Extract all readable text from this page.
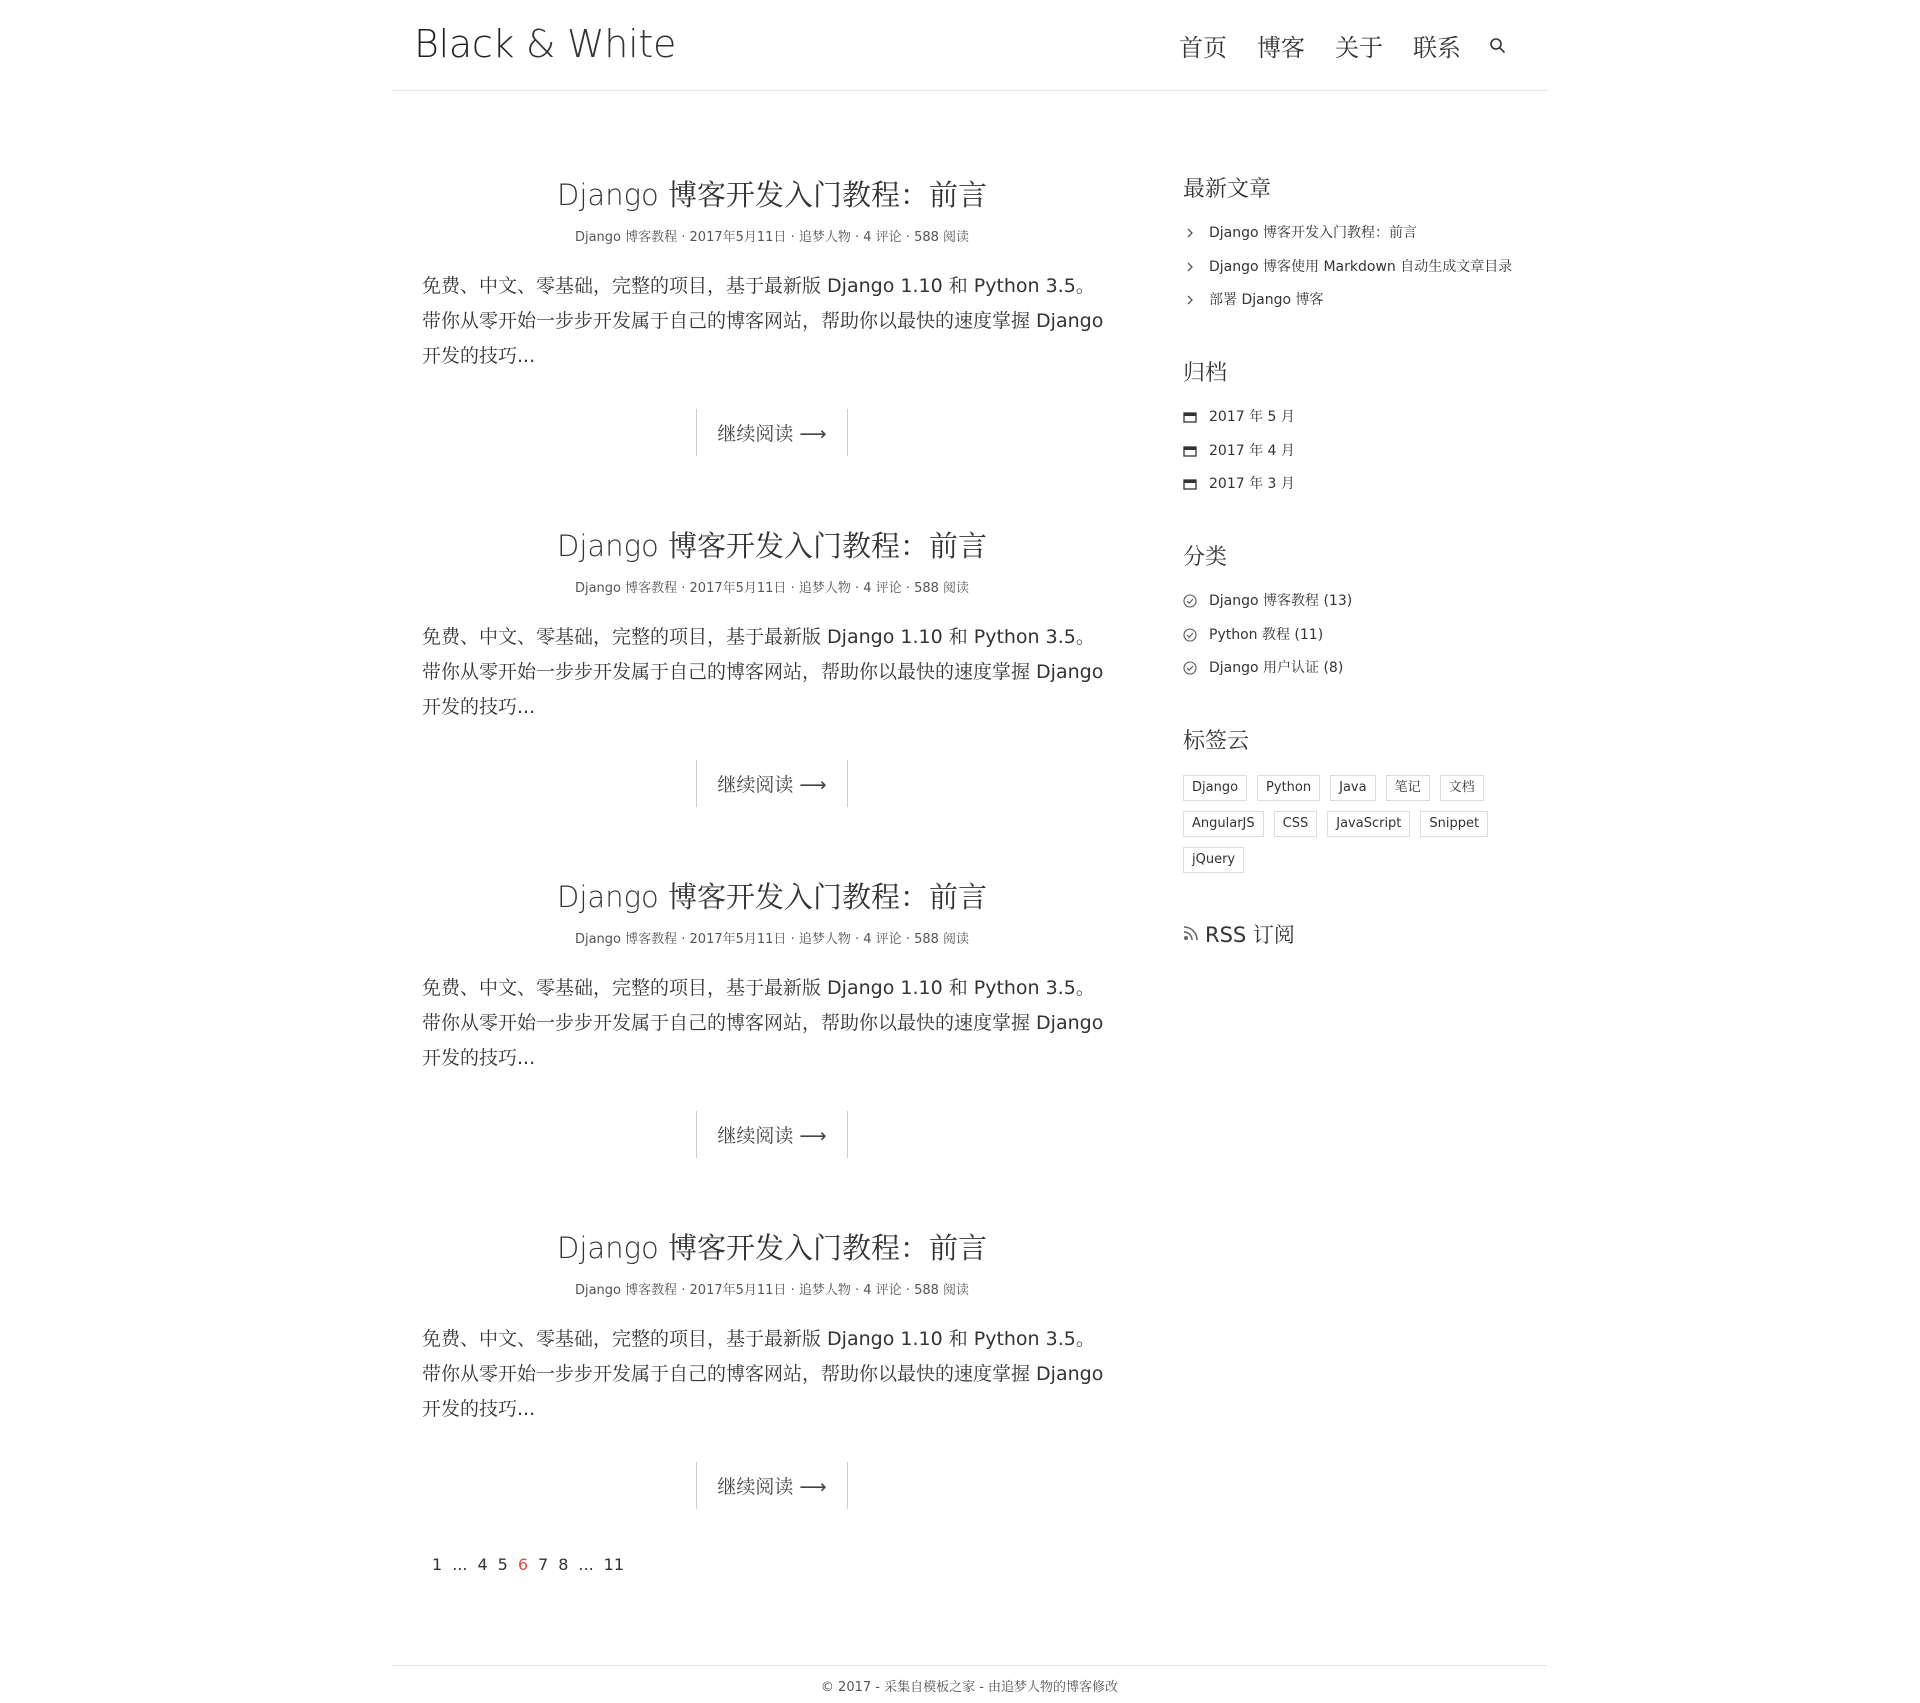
Black & White	首页 博客 关于 联系
Django 博客开发入门教程：前言
Django 博客教程 · 2017年5月11日 · 追梦人物 · 4 评论 · 588 阅读
免费、中文、零基础，完整的项目，基于最新版 Django 1.10 和 Python 3.5。带你从零开始一步步开发属于自己的博客网站，帮助你以最快的速度掌握 Django 开发的技巧...
继续阅读 ⟶
Django 博客开发入门教程：前言
Django 博客教程 · 2017年5月11日 · 追梦人物 · 4 评论 · 588 阅读
免费、中文、零基础，完整的项目，基于最新版 Django 1.10 和 Python 3.5。带你从零开始一步步开发属于自己的博客网站，帮助你以最快的速度掌握 Django 开发的技巧...
继续阅读 ⟶
Django 博客开发入门教程：前言
Django 博客教程 · 2017年5月11日 · 追梦人物 · 4 评论 · 588 阅读
免费、中文、零基础，完整的项目，基于最新版 Django 1.10 和 Python 3.5。带你从零开始一步步开发属于自己的博客网站，帮助你以最快的速度掌握 Django 开发的技巧...
继续阅读 ⟶
Django 博客开发入门教程：前言
Django 博客教程 · 2017年5月11日 · 追梦人物 · 4 评论 · 588 阅读
免费、中文、零基础，完整的项目，基于最新版 Django 1.10 和 Python 3.5。带你从零开始一步步开发属于自己的博客网站，帮助你以最快的速度掌握 Django 开发的技巧...
继续阅读 ⟶
1 ... 4 5 6 7 8 ... 11
最新文章
Django 博客开发入门教程：前言
Django 博客使用 Markdown 自动生成文章目录
部署 Django 博客
归档
2017 年 5 月
2017 年 4 月
2017 年 3 月
分类
Django 博客教程 (13)
Python 教程 (11)
Django 用户认证 (8)
标签云
Django	Python	Java	笔记	文档
AngularJS	CSS	JavaScript	Snippet
jQuery
RSS 订阅
© 2017 - 采集自模板之家 - 由追梦人物的博客修改
